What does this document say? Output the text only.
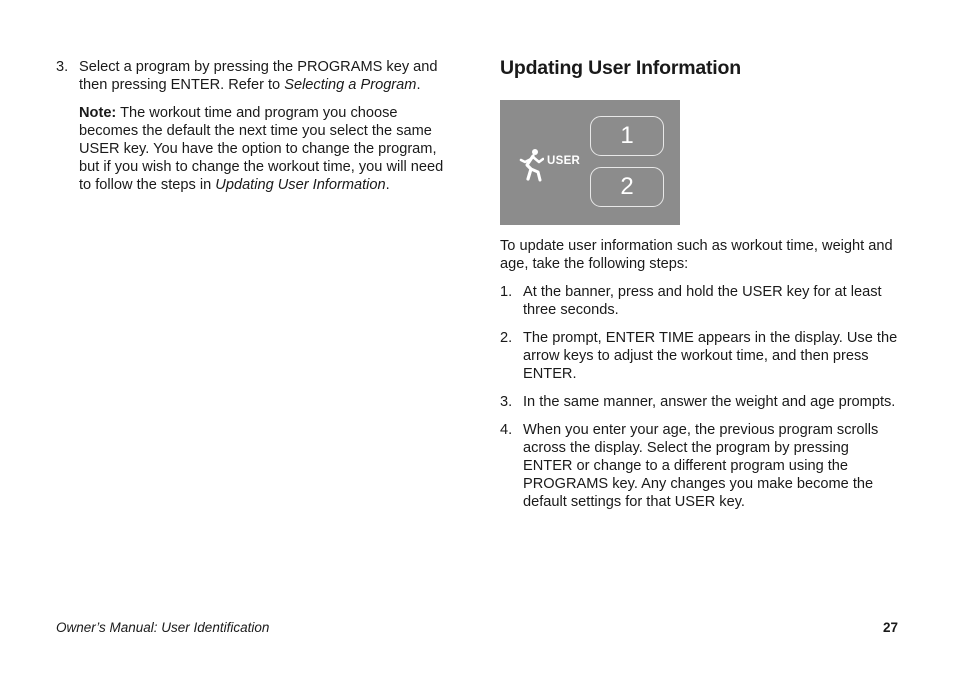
3. Select a program by pressing the PROGRAMS key and then pressing ENTER. Refer to Selecting a Program.

Note: The workout time and program you choose becomes the default the next time you select the same USER key. You have the option to change the program, but if you wish to change the workout time, you will need to follow the steps in Updating User Information.

Updating User Information
USER
1
2

To update user information such as workout time, weight and age, take the following steps:

1. At the banner, press and hold the USER key for at least three seconds.
2. The prompt, ENTER TIME appears in the display. Use the arrow keys to adjust the workout time, and then press ENTER.
3. In the same manner, answer the weight and age prompts.
4. When you enter your age, the previous program scrolls across the display. Select the program by pressing ENTER or change to a different program using the PROGRAMS key. Any changes you make become the default settings for that USER key.
Owner’s Manual: User Identification	27
